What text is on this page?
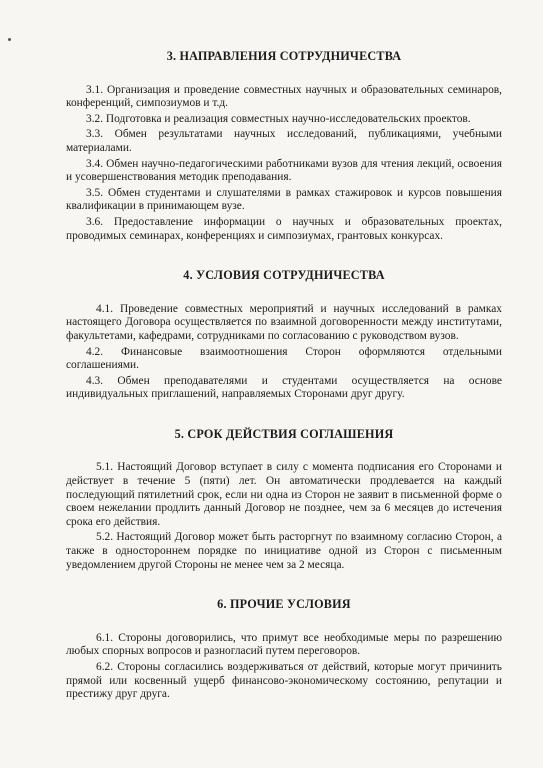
3. НАПРАВЛЕНИЯ СОТРУДНИЧЕСТВА

3.1. Организация и проведение совместных научных и образовательных семинаров, конференций, симпозиумов и т.д.

3.2. Подготовка и реализация совместных научно-исследовательских проектов.

3.3. Обмен результатами научных исследований, публикациями, учебными материалами.

3.4. Обмен научно-педагогическими работниками вузов для чтения лекций, освоения и усовершенствования методик преподавания.

3.5. Обмен студентами и слушателями в рамках стажировок и курсов повышения квалификации в принимающем вузе.

3.6. Предоставление информации о научных и образовательных проектах, проводимых семинарах, конференциях и симпозиумах, грантовых конкурсах.

4. УСЛОВИЯ СОТРУДНИЧЕСТВА

4.1. Проведение совместных мероприятий и научных исследований в рамках настоящего Договора осуществляется по взаимной договоренности между институтами, факультетами, кафедрами, сотрудниками по согласованию с руководством вузов.

4.2. Финансовые взаимоотношения Сторон оформляются отдельными соглашениями.

4.3. Обмен преподавателями и студентами осуществляется на основе индивидуальных приглашений, направляемых Сторонами друг другу.

5. СРОК ДЕЙСТВИЯ СОГЛАШЕНИЯ

5.1. Настоящий Договор вступает в силу с момента подписания его Сторонами и действует в течение 5 (пяти) лет. Он автоматически продлевается на каждый последующий пятилетний срок, если ни одна из Сторон не заявит в письменной форме о своем нежелании продлить данный Договор не позднее, чем за 6 месяцев до истечения срока его действия.

5.2. Настоящий Договор может быть расторгнут по взаимному согласию Сторон, а также в одностороннем порядке по инициативе одной из Сторон с письменным уведомлением другой Стороны не менее чем за 2 месяца.

6. ПРОЧИЕ УСЛОВИЯ

6.1. Стороны договорились, что примут все необходимые меры по разрешению любых спорных вопросов и разногласий путем переговоров.

6.2. Стороны согласились воздерживаться от действий, которые могут причинить прямой или косвенный ущерб финансово-экономическому состоянию, репутации и престижу друг друга.
